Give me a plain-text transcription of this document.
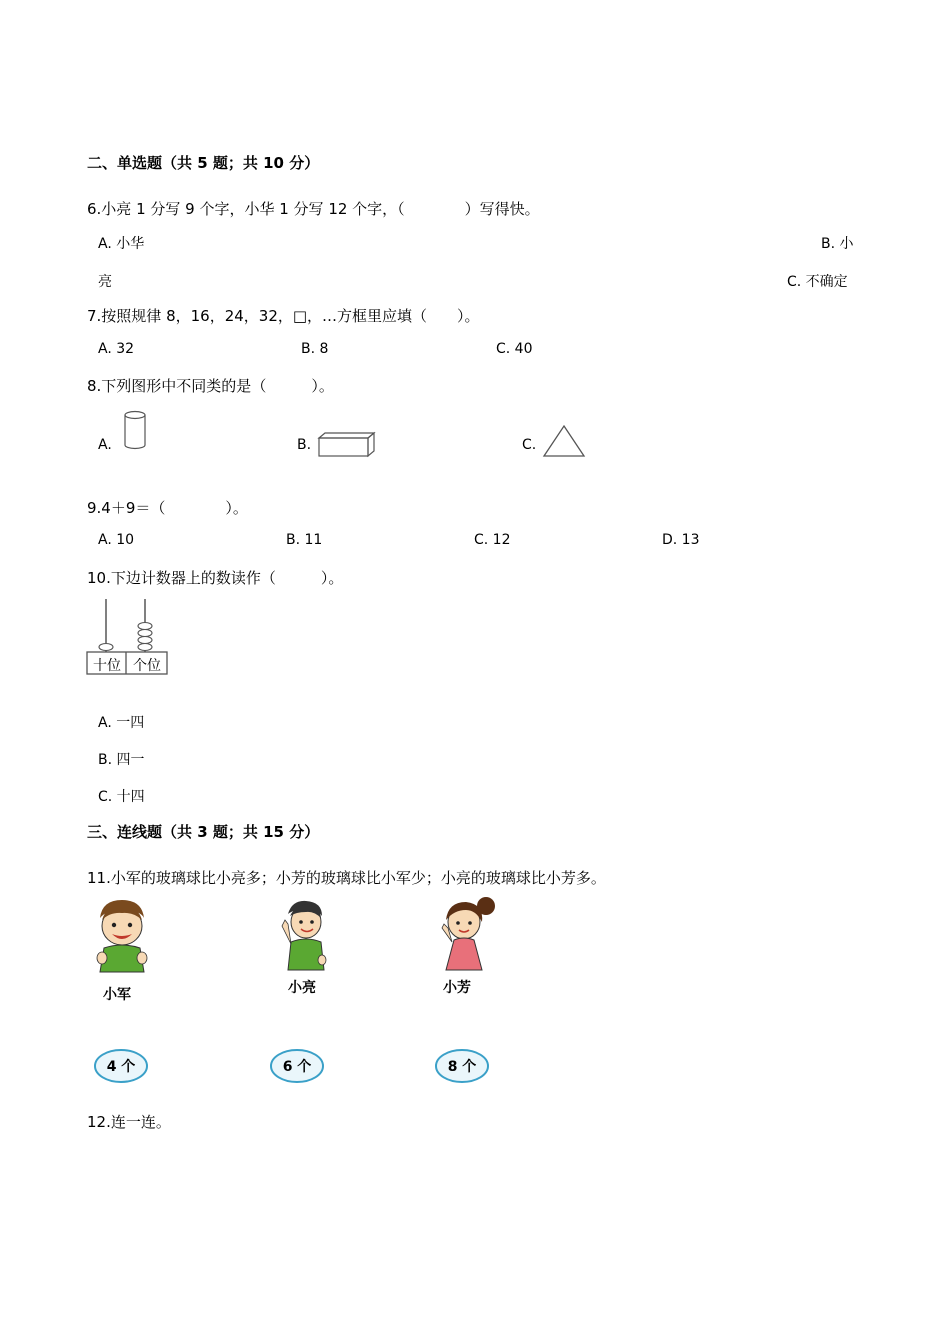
二、单选题（共 5 题；共 10 分）
6.小亮 1 分写 9 个字，小华 1 分写 12 个字，（　　　　）写得快。
A. 小华	B. 小
亮	C. 不确定
7.按照规律 8，16，24，32，□，…方框里应填（　　）。
A. 32	B. 8	C. 40
8.下列图形中不同类的是（　　　）。
A.	B.	C.
9.4＋9＝（　　　　）。
A. 10	B. 11	C. 12	D. 13
10.下边计数器上的数读作（　　　）。
十位 个位
A. 一四
B. 四一
C. 十四
三、连线题（共 3 题；共 15 分）
11.小军的玻璃球比小亮多；小芳的玻璃球比小军少；小亮的玻璃球比小芳多。
小军	小亮	小芳
4 个	6 个	8 个
12.连一连。
